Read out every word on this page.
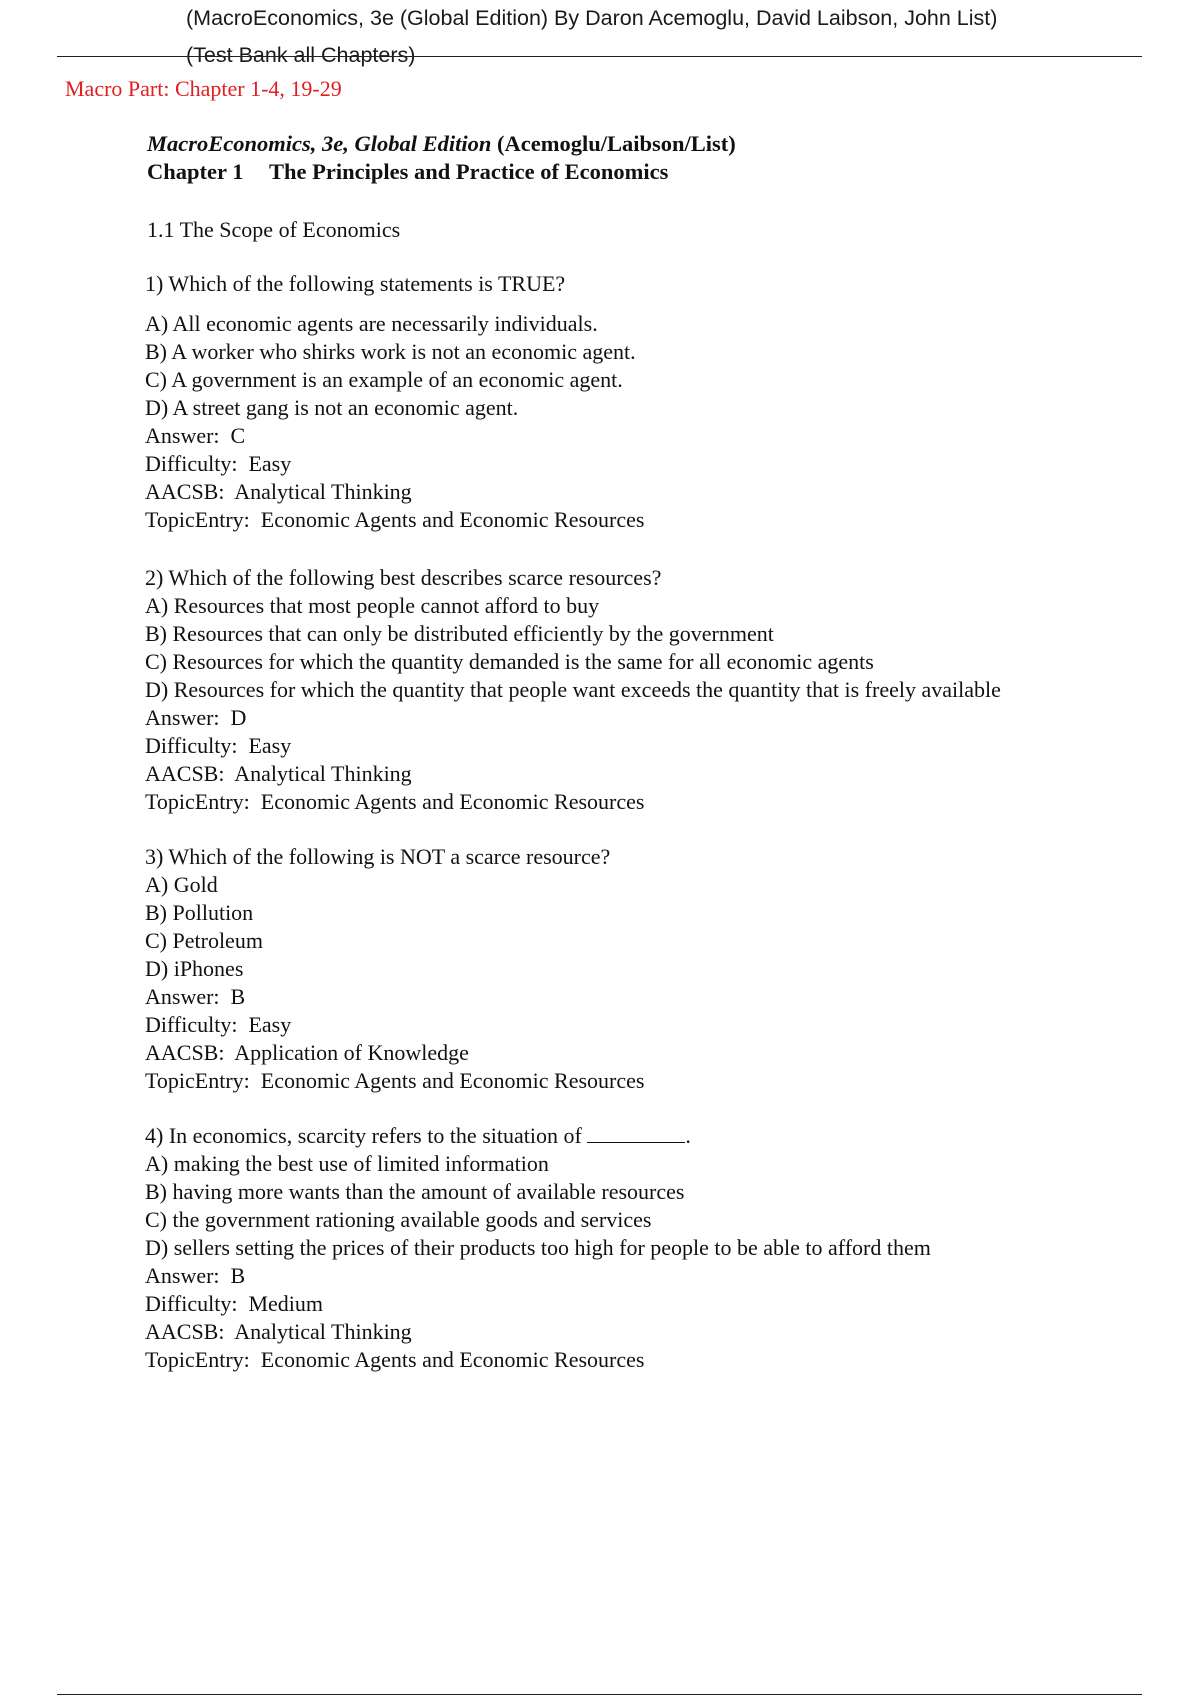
(MacroEconomics, 3e (Global Edition) By Daron Acemoglu, David Laibson, John List)
(Test Bank all Chapters)
Macro Part: Chapter 1-4, 19-29
MacroEconomics, 3e, Global Edition (Acemoglu/Laibson/List)
Chapter 1 The Principles and Practice of Economics
1.1 The Scope of Economics
1) Which of the following statements is TRUE?
A) All economic agents are necessarily individuals.
B) A worker who shirks work is not an economic agent.
C) A government is an example of an economic agent.
D) A street gang is not an economic agent.
Answer: C
Difficulty: Easy
AACSB: Analytical Thinking
TopicEntry: Economic Agents and Economic Resources
2) Which of the following best describes scarce resources?
A) Resources that most people cannot afford to buy
B) Resources that can only be distributed efficiently by the government
C) Resources for which the quantity demanded is the same for all economic agents
D) Resources for which the quantity that people want exceeds the quantity that is freely available
Answer: D
Difficulty: Easy
AACSB: Analytical Thinking
TopicEntry: Economic Agents and Economic Resources
3) Which of the following is NOT a scarce resource?
A) Gold
B) Pollution
C) Petroleum
D) iPhones
Answer: B
Difficulty: Easy
AACSB: Application of Knowledge
TopicEntry: Economic Agents and Economic Resources
4) In economics, scarcity refers to the situation of	.
A) making the best use of limited information
B) having more wants than the amount of available resources
C) the government rationing available goods and services
D) sellers setting the prices of their products too high for people to be able to afford them
Answer: B
Difficulty: Medium
AACSB: Analytical Thinking
TopicEntry: Economic Agents and Economic Resources
